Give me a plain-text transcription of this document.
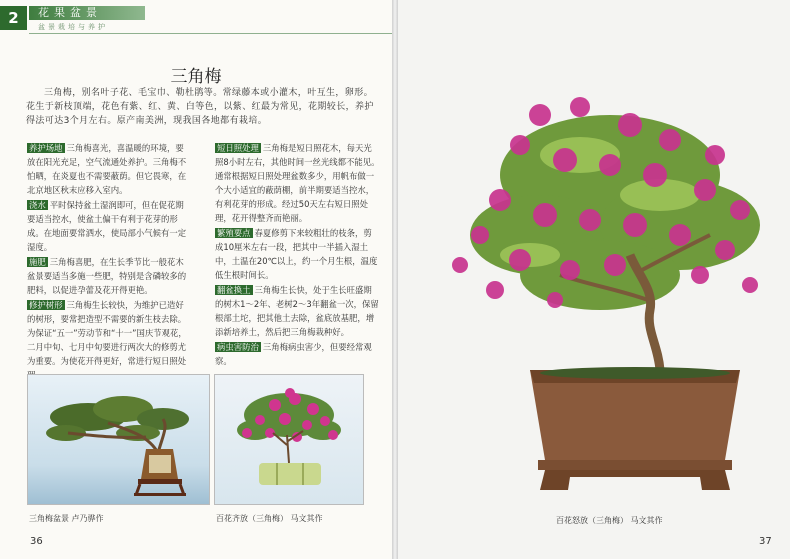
2	花果盆景
盆景栽培与养护
三角梅
三角梅，别名叶子花、毛宝巾、勒杜鹃等。常绿藤本或小灌木，叶互生，卵形。花生于新枝顶端，花色有紫、红、黄、白等色，以紫、红最为常见，花期较长，养护得法可达3个月左右。原产南美洲，现我国各地都有栽培。

养护场地 三角梅喜光，喜温暖的环境，要放在阳光充足，空气流通处养护。三角梅不怕晒，在炎夏也不需要蔽荫。但它畏寒，在北京地区秋末应移入室内。

浇水 平时保持盆土湿润即可，但在促花期要适当控水，使盆土偏干有利于花芽的形成。在地面要常洒水，使局部小气候有一定湿度。

施肥 三角梅喜肥，在生长季节比一般花木盆景要适当多施一些肥，特别是含磷较多的肥料，以促进孕蕾及花开得更艳。

修护树形 三角梅生长较快，为维护已造好的树形，要常把造型不需要的新生枝去除。为保证“五一”劳动节和“十一”国庆节观花，二月中旬、七月中旬要进行两次大的修剪尤为重要。为使花开得更好，常进行短日照处

短日照处理 三角梅是短日照花木，每天光照8小时左右，其他时间一丝光线都不能见。通常根据短日照处理盆数多少，用帆布做一个大小适宜的蔽荫棚，前半期要适当控水，有利花芽的形成。经过50天左右短日照处理，花开得整齐而艳丽。

繁殖要点 春夏修剪下来较粗壮的枝条，剪成10厘米左右一段，把其中一半插入湿土中，土温在20℃以上，约一个月生根，温度低生根时间长。

翻盆换土 三角梅生长快，处于生长旺盛期的树木1～2年、老树2～3年翻盆一次，保留根部土坨，把其他土去除，盆底放基肥，增添新培养土，然后把三角梅栽种好。

病虫害防治 三角梅病虫害少，但要经常观察。

三角梅盆景 卢乃骅作	百花齐放（三角梅） 马文其作
36
百花怒放（三角梅） 马文其作
37
